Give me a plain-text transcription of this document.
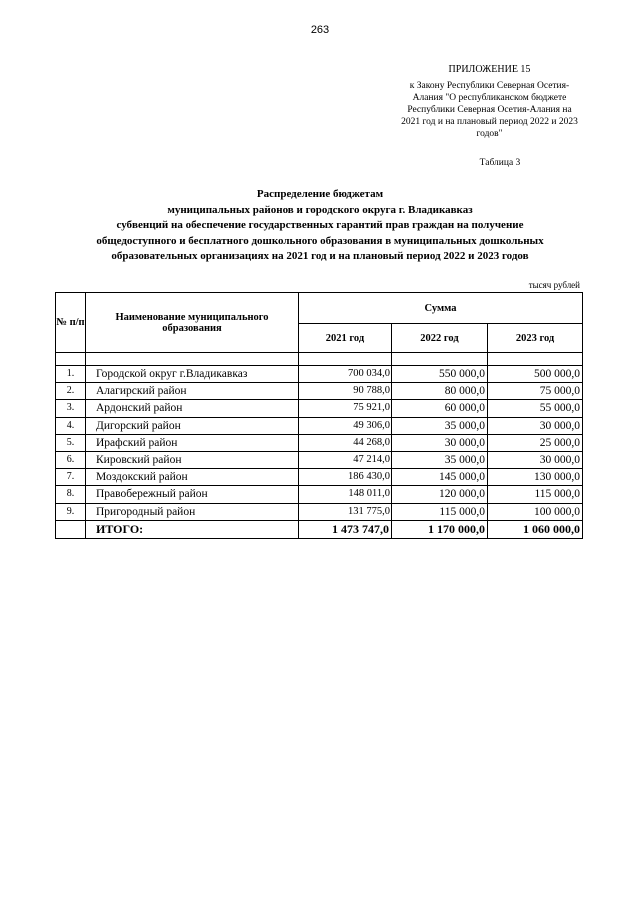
263
ПРИЛОЖЕНИЕ 15
к Закону Республики Северная Осетия-
Алания "О республиканском бюджете
Республики Северная Осетия-Алания на
2021 год и на плановый период 2022 и 2023
годов"
Таблица 3
Распределение бюджетам
муниципальных районов и городского округа г. Владикавказ
субвенций на обеспечение государственных гарантий прав граждан на получение
общедоступного и бесплатного дошкольного образования в муниципальных дошкольных
образовательных организациях на 2021 год и на плановый период 2022 и 2023 годов
тысяч рублей
№ п/п	Наименование муниципального образования	Сумма		
		2021 год	2022 год	2023 год

1.	Городской округ г.Владикавказ	700 034,0	550 000,0	500 000,0
2.	Алагирский район	90 788,0	80 000,0	75 000,0
3.	Ардонский район	75 921,0	60 000,0	55 000,0
4.	Дигорский район	49 306,0	35 000,0	30 000,0
5.	Ирафский район	44 268,0	30 000,0	25 000,0
6.	Кировский район	47 214,0	35 000,0	30 000,0
7.	Моздокский район	186 430,0	145 000,0	130 000,0
8.	Правобережный район	148 011,0	120 000,0	115 000,0
9.	Пригородный район	131 775,0	115 000,0	100 000,0
	ИТОГО:	1 473 747,0	1 170 000,0	1 060 000,0
